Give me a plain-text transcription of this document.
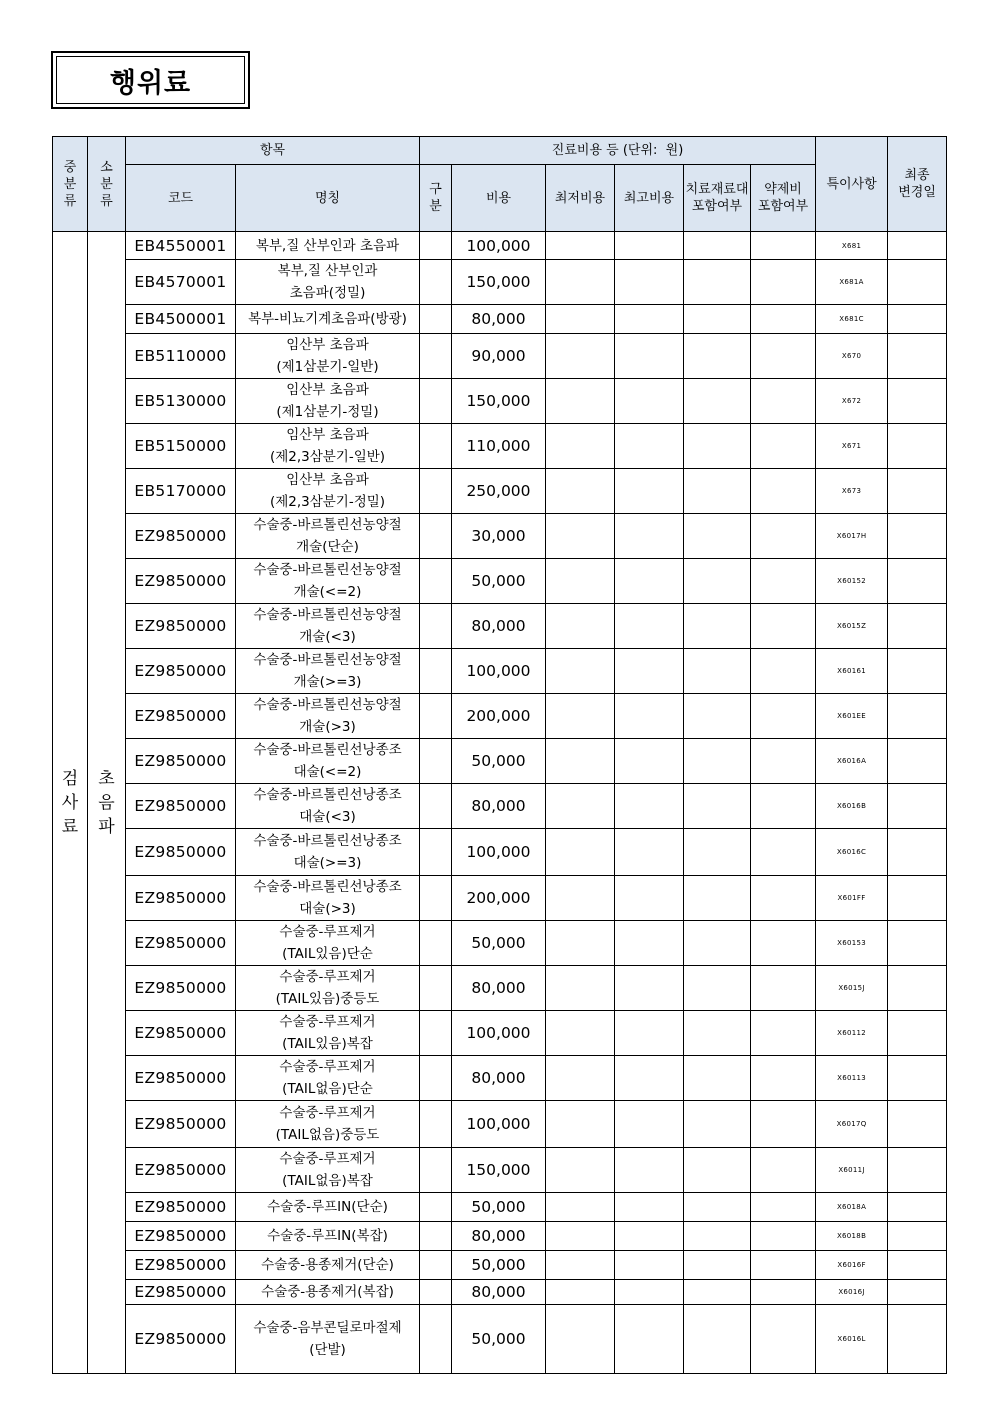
행위료
중
분
류	소
분
류	항목		진료비용 등 (단위:  원)						특이사항	최종
변경일
		코드	명칭	구
분	비용	최저비용	최고비용	치료재료대
포함여부	약제비
포함여부		
검
사
료	초
음
파	EB4550001	복부,질 산부인과 초음파		100,000					X681	
		EB4570001	복부,질 산부인과
초음파(정밀)		150,000					X681A	
		EB4500001	복부-비뇨기계초음파(방광)		80,000					X681C	
		EB5110000	임산부 초음파
(제1삼분기-일반)		90,000					X670	
		EB5130000	임산부 초음파
(제1삼분기-정밀)		150,000					X672	
		EB5150000	임산부 초음파
(제2,3삼분기-일반)		110,000					X671	
		EB5170000	임산부 초음파
(제2,3삼분기-정밀)		250,000					X673	
		EZ9850000	수술중-바르톨린선농양절
개술(단순)		30,000					X6017H	
		EZ9850000	수술중-바르톨린선농양절
개술(<=2)		50,000					X60152	
		EZ9850000	수술중-바르톨린선농양절
개술(<3)		80,000					X6015Z	
		EZ9850000	수술중-바르톨린선농양절
개술(>=3)		100,000					X60161	
		EZ9850000	수술중-바르톨린선농양절
개술(>3)		200,000					X601EE	
		EZ9850000	수술중-바르톨린선낭종조
대술(<=2)		50,000					X6016A	
		EZ9850000	수술중-바르톨린선낭종조
대술(<3)		80,000					X6016B	
		EZ9850000	수술중-바르톨린선낭종조
대술(>=3)		100,000					X6016C	
		EZ9850000	수술중-바르톨린선낭종조
대술(>3)		200,000					X601FF	
		EZ9850000	수술중-루프제거
(TAIL있음)단순		50,000					X60153	
		EZ9850000	수술중-루프제거
(TAIL있음)중등도		80,000					X6015J	
		EZ9850000	수술중-루프제거
(TAIL있음)복잡		100,000					X60112	
		EZ9850000	수술중-루프제거
(TAIL없음)단순		80,000					X60113	
		EZ9850000	수술중-루프제거
(TAIL없음)중등도		100,000					X6017Q	
		EZ9850000	수술중-루프제거
(TAIL없음)복잡		150,000					X6011J	
		EZ9850000	수술중-루프IN(단순)		50,000					X6018A	
		EZ9850000	수술중-루프IN(복잡)		80,000					X6018B	
		EZ9850000	수술중-용종제거(단순)		50,000					X6016F	
		EZ9850000	수술중-용종제거(복잡)		80,000					X6016J	
		EZ9850000	수술중-음부콘딜로마절제
(단발)		50,000					X6016L	
